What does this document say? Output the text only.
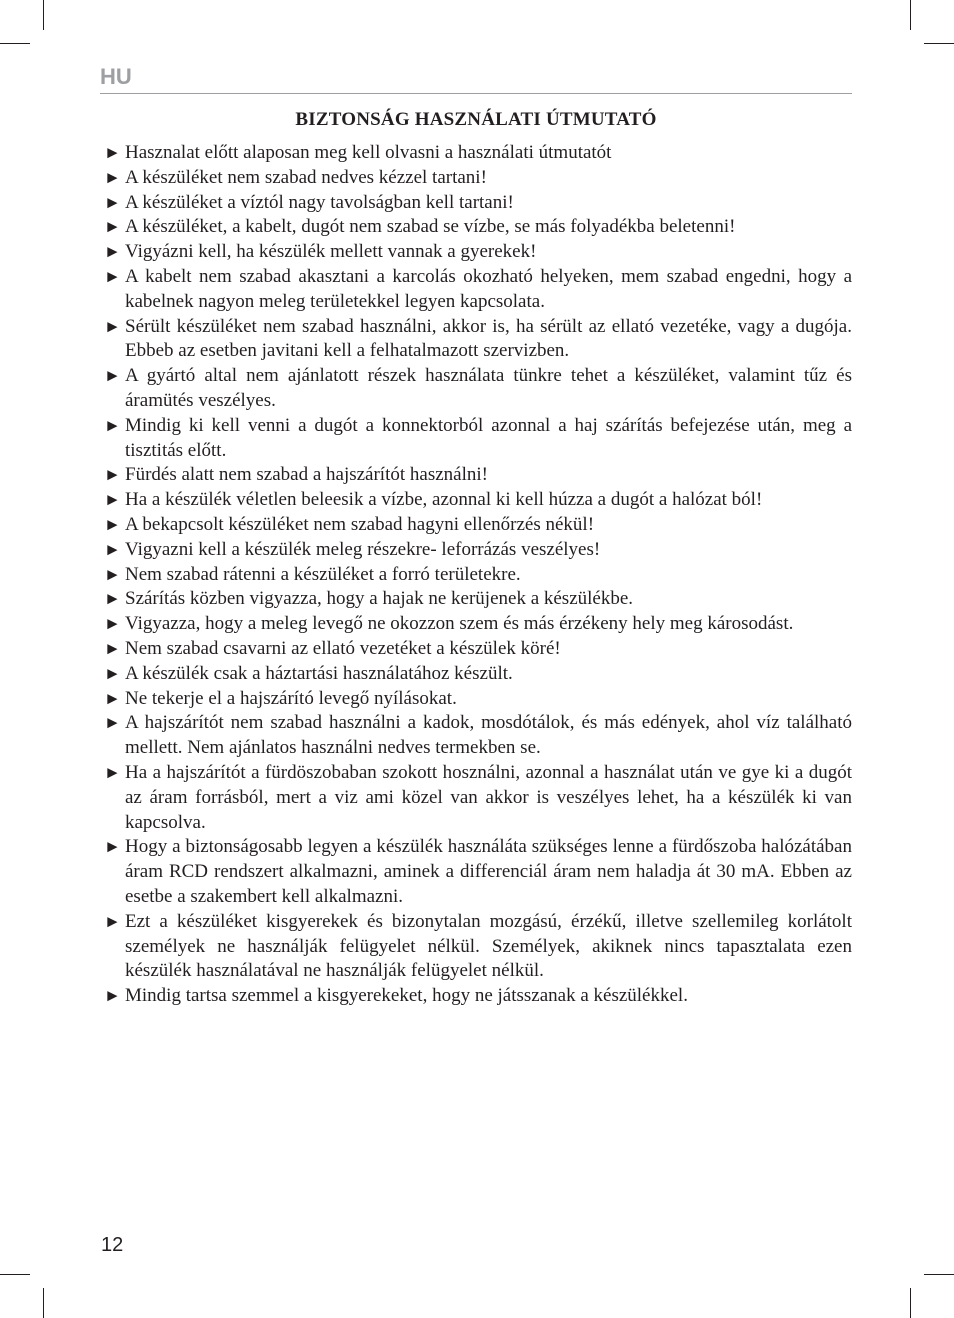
HU
BIZTONSÁG HASZNÁLATI ÚTMUTATÓ
► Hasznalat előtt alaposan meg kell olvasni a használati útmutatót
► A készüléket nem szabad nedves kézzel tartani!
► A készüléket a víztól nagy tavolságban kell tartani!
► A készüléket, a kabelt, dugót nem szabad se vízbe, se más folyadékba beletenni!
► Vigyázni kell, ha készülék mellett vannak a gyerekek!
► A kabelt nem szabad akasztani a karcolás okozható helyeken, mem szabad engedni, hogy a kabelnek nagyon meleg területekkel legyen kapcsolata.
► Sérült készüléket nem szabad használni, akkor is, ha sérült az ellató vezetéke, vagy a dugója. Ebbeb az esetben javitani kell a felhatalmazott szervizben.
► A gyártó altal nem ajánlatott részek használata tünkre tehet a készüléket, valamint tűz és áramütés veszélyes.
► Mindig ki kell venni a dugót a konnektorból azonnal a haj szárítás befejezése után, meg a tisztitás előtt.
► Fürdés alatt nem szabad a hajszárítót használni!
► Ha a készülék véletlen beleesik a vízbe, azonnal ki kell húzza a dugót a halózat ból!
► A bekapcsolt készüléket nem szabad hagyni ellenőrzés nékül!
► Vigyazni kell a készülék meleg részekre- leforrázás veszélyes!
► Nem szabad rátenni a készüléket a forró területekre.
► Szárítás közben vigyazzа, hogy a hajak ne kerüjenek a készülékbe.
► Vigyazza, hogy a meleg levegő ne okozzon szem és más érzékeny hely meg károsodást.
► Nem szabad csavarni az ellató vezetéket a készülek köré!
► A készülék csak a háztartási használatához készült.
► Ne tekerje el a hajszárító levegő nyílásokat.
► A hajszárítót nem szabad használni a kadok, mosdótálok, és más edények, ahol víz található mellett. Nem ajánlatos használni nedves termekben se.
► Ha a hajszárítót a fürdöszobaban szokott hosználni, azonnal a használat után ve gye ki a dugót az áram forrásból, mert a viz ami közel van akkor is veszélyes lehet, ha a készülék ki van kapcsolva.
► Hogy a biztonságosabb legyen a készülék használáta szükséges lenne a fürdőszoba halózátában áram RCD rendszert alkalmazni, aminek a differenciál áram nem haladja át 30 mA. Ebben az esetbe a szakembert kell alkalmazni.
► Ezt a készüléket kisgyerekek és bizonytalan mozgású, érzékű, illetve szellemileg korlátolt személyek ne használják felügyelet nélkül. Személyek, akiknek nincs tapasztalata ezen készülék használatával ne használják felügyelet nélkül.
► Mindig tartsa szemmel a kisgyerekeket, hogy ne játsszanak a készülékkel.
12
